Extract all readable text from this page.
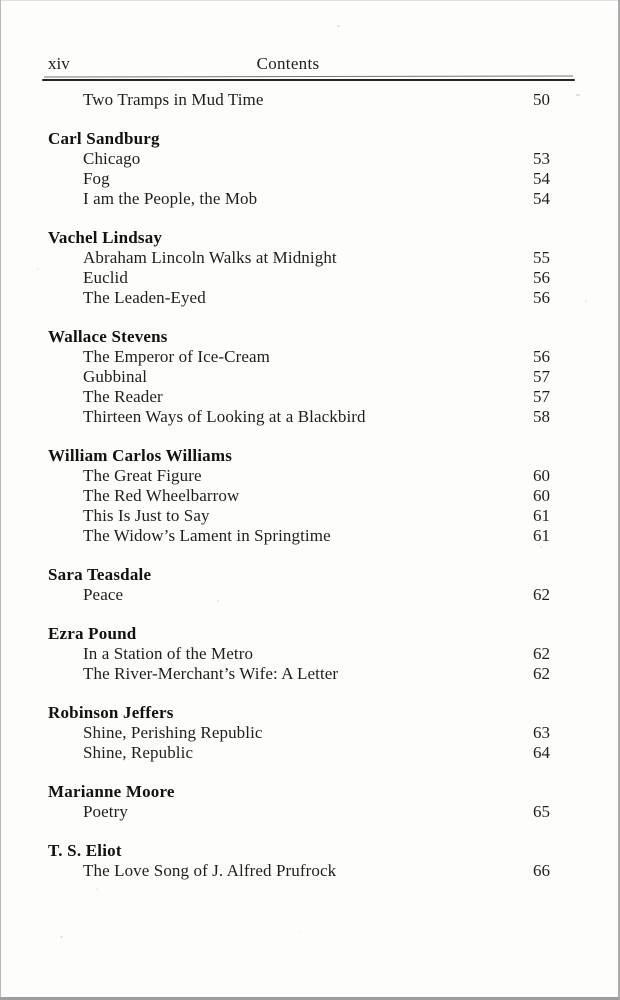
xiv	Contents
Two Tramps in Mud Time	50
Carl Sandburg
Chicago	53
Fog	54
I am the People, the Mob	54
Vachel Lindsay
Abraham Lincoln Walks at Midnight	55
Euclid	56
The Leaden-Eyed	56
Wallace Stevens
The Emperor of Ice-Cream	56
Gubbinal	57
The Reader	57
Thirteen Ways of Looking at a Blackbird	58
William Carlos Williams
The Great Figure	60
The Red Wheelbarrow	60
This Is Just to Say	61
The Widow’s Lament in Springtime	61
Sara Teasdale
Peace	62
Ezra Pound
In a Station of the Metro	62
The River-Merchant’s Wife: A Letter	62
Robinson Jeffers
Shine, Perishing Republic	63
Shine, Republic	64
Marianne Moore
Poetry	65
T. S. Eliot
The Love Song of J. Alfred Prufrock	66
